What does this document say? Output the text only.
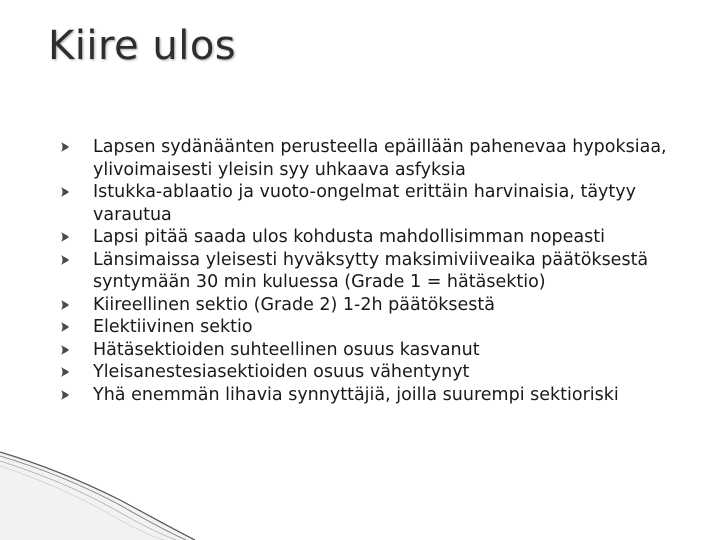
Kiire ulos
Lapsen sydänäänten perusteella epäillään pahenevaa hypoksiaa, ylivoimaisesti yleisin syy uhkaava asfyksia
Istukka-ablaatio ja vuoto-ongelmat erittäin harvinaisia, täytyy varautua
Lapsi pitää saada ulos kohdusta mahdollisimman nopeasti
Länsimaissa yleisesti hyväksytty maksimiviiveaika päätöksestä syntymään 30 min kuluessa (Grade 1 = hätäsektio)
Kiireellinen sektio (Grade 2) 1-2h päätöksestä
Elektiivinen sektio
Hätäsektioiden suhteellinen osuus kasvanut
Yleisanestesiasektioiden osuus vähentynyt
Yhä enemmän lihavia synnyttäjiä, joilla suurempi sektioriski
